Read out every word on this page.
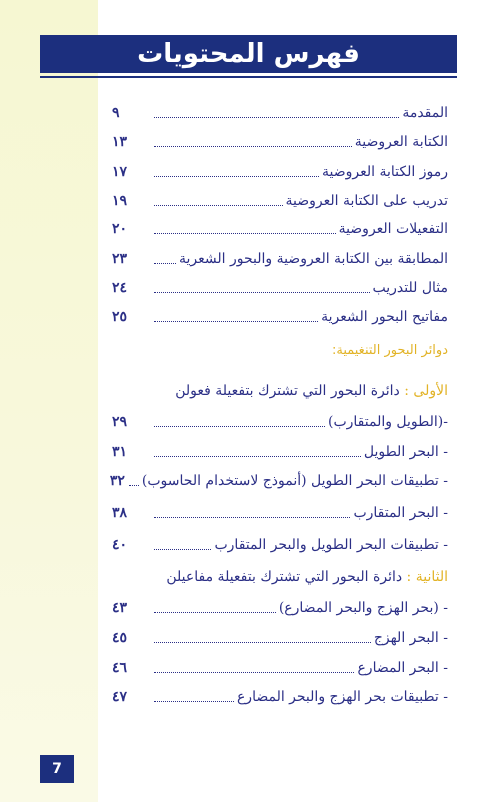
فهرس المحتويات
المقدمة
٩
الكتابة العروضية
١٣
رموز الكتابة العروضية
١٧
تدريب على الكتابة العروضية
١٩
التفعيلات العروضية
٢٠
المطابقة بين الكتابة العروضية والبحور الشعرية
٢٣
مثال للتدريب
٢٤
مفاتيح البحور الشعرية
٢٥
دوائر البحور التنغيمية:
الأولى : دائرة البحور التي تشترك بتفعيلة فعولن
-(الطويل والمتقارب)
٢٩
- البحر الطويل
٣١
- تطبيقات البحر الطويل (أنموذج لاستخدام الحاسوب)
٣٢
- البحر المتقارب
٣٨
- تطبيقات البحر الطويل والبحر المتقارب
٤٠
الثانية : دائرة البحور التي تشترك بتفعيلة مفاعيلن
- (بحر الهزج والبحر المضارع)
٤٣
- البحر الهزج
٤٥
- البحر المضارع
٤٦
- تطبيقات بحر الهزج والبحر المضارع
٤٧
7
